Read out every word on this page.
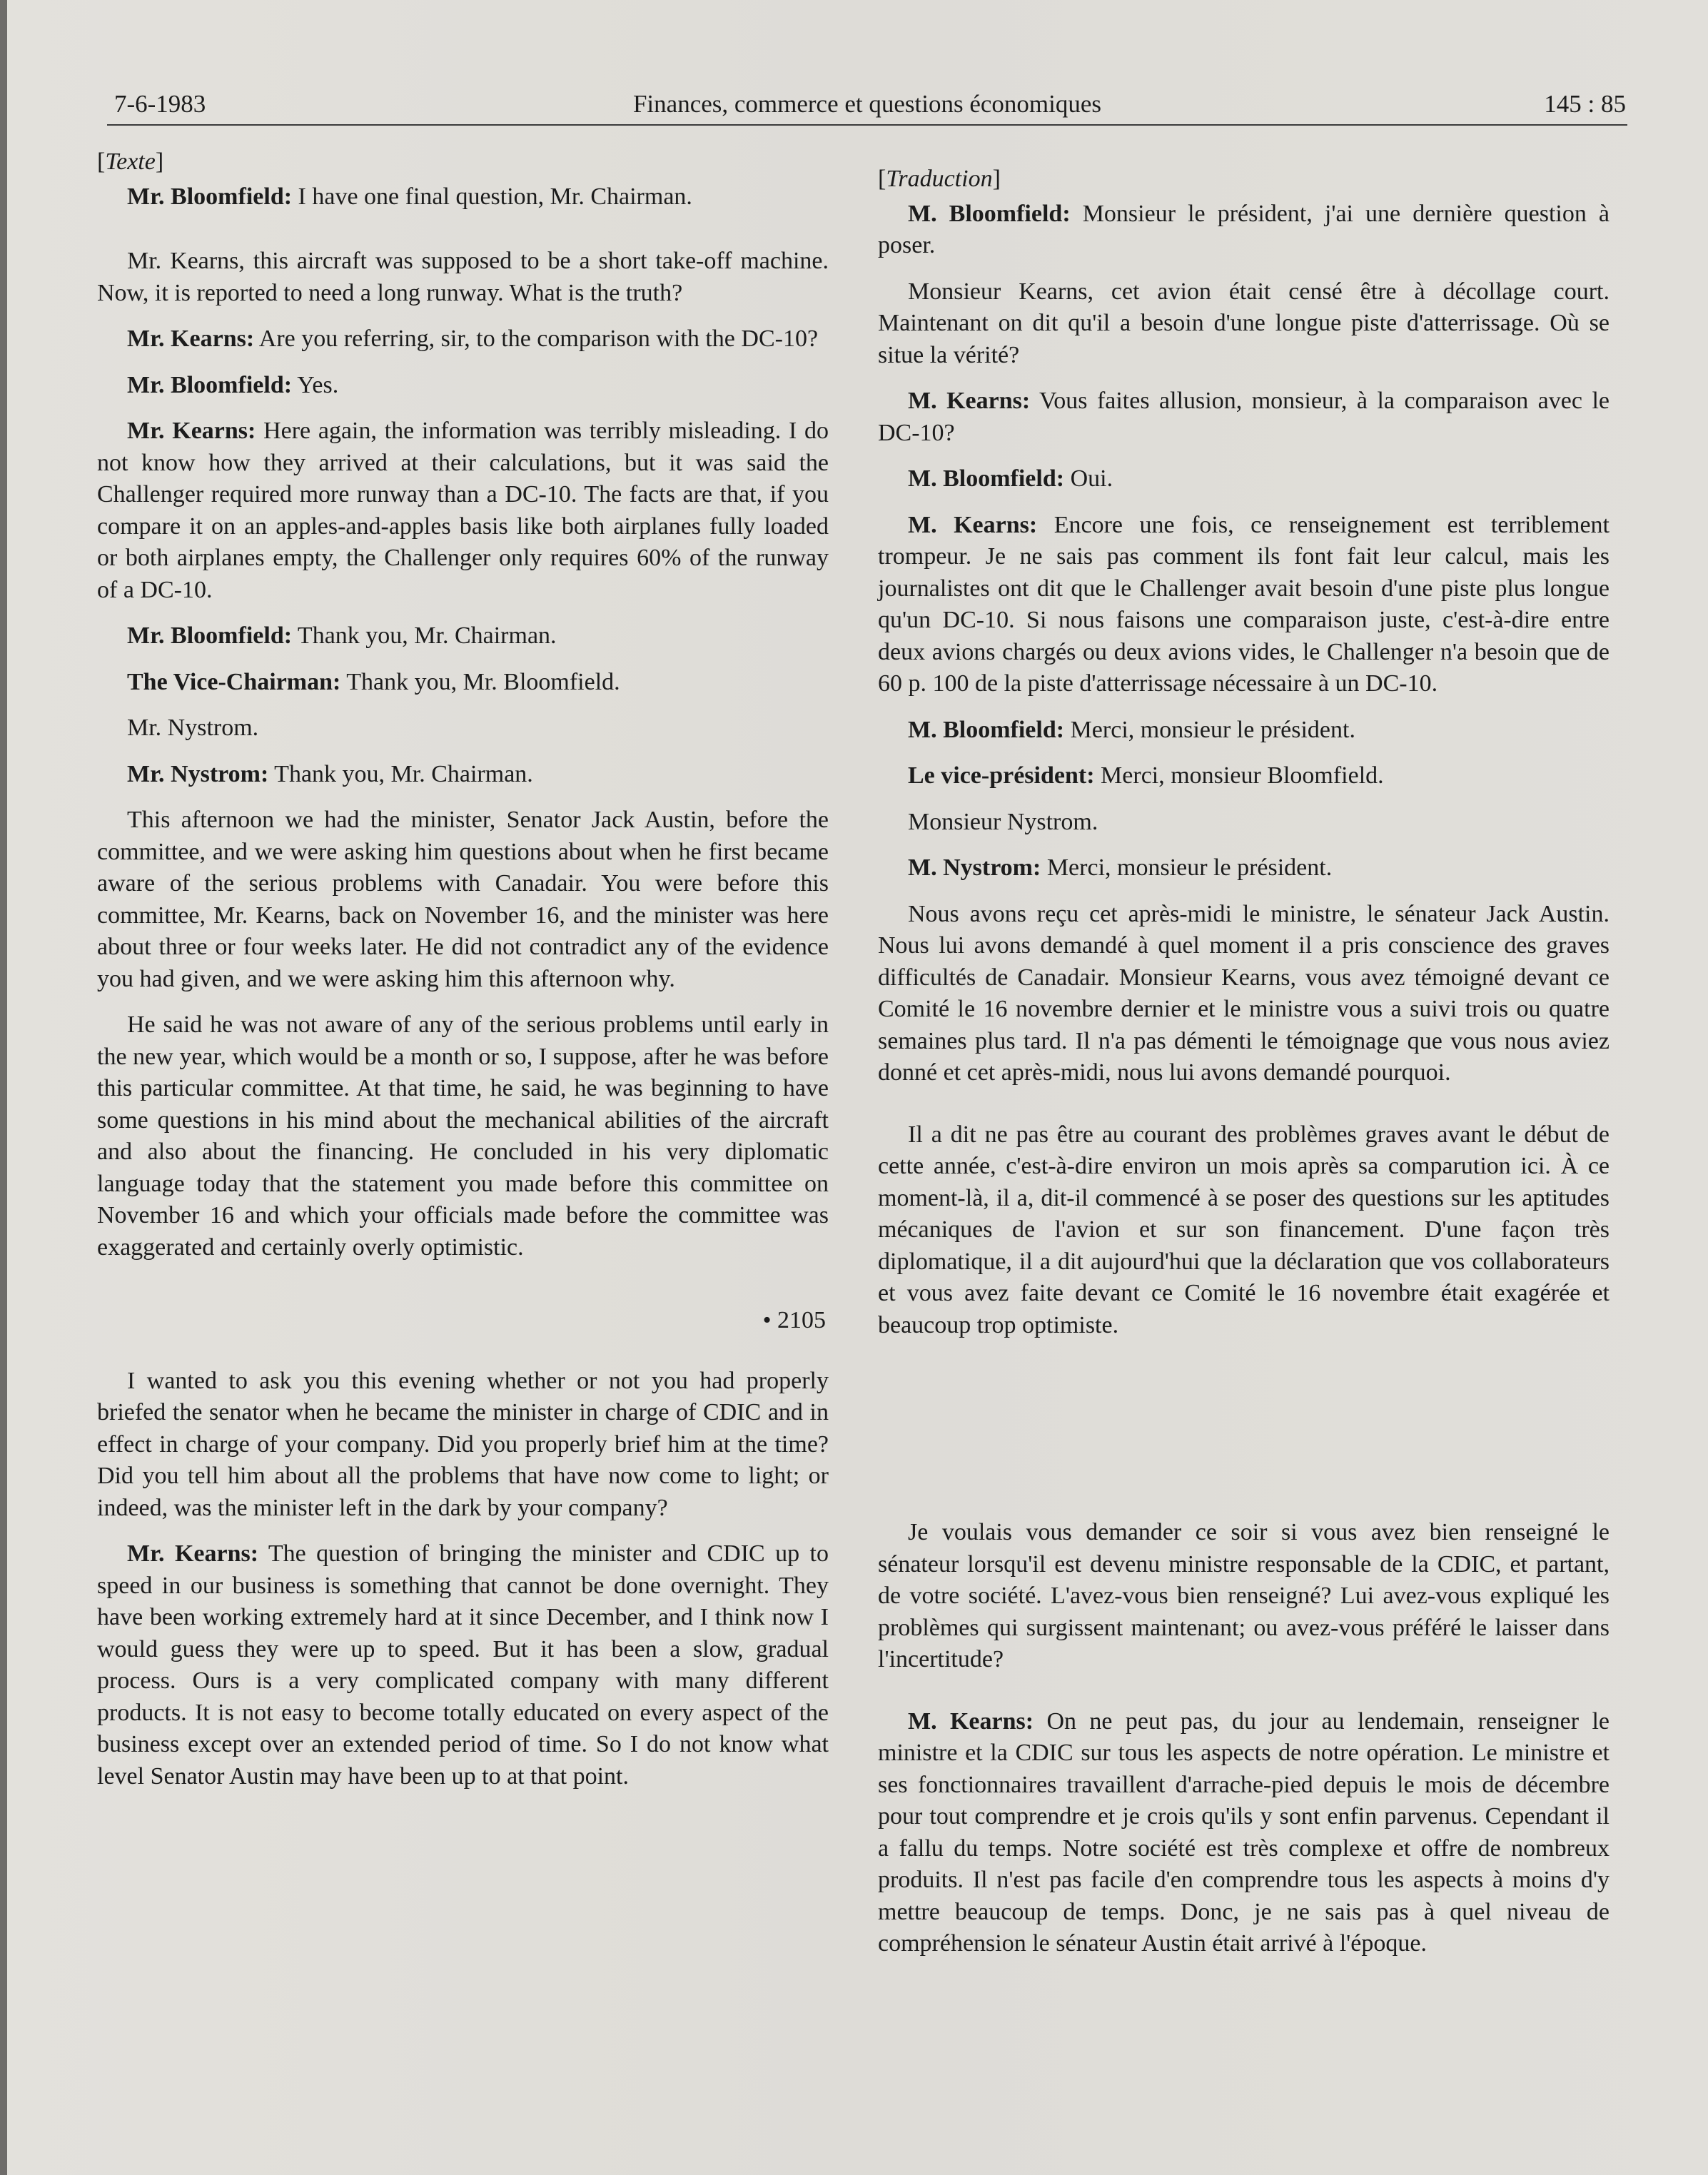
7-6-1983	Finances, commerce et questions économiques	145 : 85
[Texte]

Mr. Bloomfield: I have one final question, Mr. Chairman.

Mr. Kearns, this aircraft was supposed to be a short take-off machine. Now, it is reported to need a long runway. What is the truth?

Mr. Kearns: Are you referring, sir, to the comparison with the DC-10?

Mr. Bloomfield: Yes.

Mr. Kearns: Here again, the information was terribly misleading. I do not know how they arrived at their calculations, but it was said the Challenger required more runway than a DC-10. The facts are that, if you compare it on an apples-and-apples basis like both airplanes fully loaded or both airplanes empty, the Challenger only requires 60% of the runway of a DC-10.

Mr. Bloomfield: Thank you, Mr. Chairman.

The Vice-Chairman: Thank you, Mr. Bloomfield.

Mr. Nystrom.

Mr. Nystrom: Thank you, Mr. Chairman.

This afternoon we had the minister, Senator Jack Austin, before the committee, and we were asking him questions about when he first became aware of the serious problems with Canadair. You were before this committee, Mr. Kearns, back on November 16, and the minister was here about three or four weeks later. He did not contradict any of the evidence you had given, and we were asking him this afternoon why.

He said he was not aware of any of the serious problems until early in the new year, which would be a month or so, I suppose, after he was before this particular committee. At that time, he said, he was beginning to have some questions in his mind about the mechanical abilities of the aircraft and also about the financing. He concluded in his very diplomatic language today that the statement you made before this committee on November 16 and which your officials made before the committee was exaggerated and certainly overly optimistic.

• 2105

I wanted to ask you this evening whether or not you had properly briefed the senator when he became the minister in charge of CDIC and in effect in charge of your company. Did you properly brief him at the time? Did you tell him about all the problems that have now come to light; or indeed, was the minister left in the dark by your company?

Mr. Kearns: The question of bringing the minister and CDIC up to speed in our business is something that cannot be done overnight. They have been working extremely hard at it since December, and I think now I would guess they were up to speed. But it has been a slow, gradual process. Ours is a very complicated company with many different products. It is not easy to become totally educated on every aspect of the business except over an extended period of time. So I do not know what level Senator Austin may have been up to at that point.

[Traduction]

M. Bloomfield: Monsieur le président, j'ai une dernière question à poser.

Monsieur Kearns, cet avion était censé être à décollage court. Maintenant on dit qu'il a besoin d'une longue piste d'atterrissage. Où se situe la vérité?

M. Kearns: Vous faites allusion, monsieur, à la comparaison avec le DC-10?

M. Bloomfield: Oui.

M. Kearns: Encore une fois, ce renseignement est terriblement trompeur. Je ne sais pas comment ils font fait leur calcul, mais les journalistes ont dit que le Challenger avait besoin d'une piste plus longue qu'un DC-10. Si nous faisons une comparaison juste, c'est-à-dire entre deux avions chargés ou deux avions vides, le Challenger n'a besoin que de 60 p. 100 de la piste d'atterrissage nécessaire à un DC-10.

M. Bloomfield: Merci, monsieur le président.

Le vice-président: Merci, monsieur Bloomfield.

Monsieur Nystrom.

M. Nystrom: Merci, monsieur le président.

Nous avons reçu cet après-midi le ministre, le sénateur Jack Austin. Nous lui avons demandé à quel moment il a pris conscience des graves difficultés de Canadair. Monsieur Kearns, vous avez témoigné devant ce Comité le 16 novembre dernier et le ministre vous a suivi trois ou quatre semaines plus tard. Il n'a pas démenti le témoignage que vous nous aviez donné et cet après-midi, nous lui avons demandé pourquoi.

Il a dit ne pas être au courant des problèmes graves avant le début de cette année, c'est-à-dire environ un mois après sa comparution ici. À ce moment-là, il a, dit-il commencé à se poser des questions sur les aptitudes mécaniques de l'avion et sur son financement. D'une façon très diplomatique, il a dit aujourd'hui que la déclaration que vos collaborateurs et vous avez faite devant ce Comité le 16 novembre était exagérée et beaucoup trop optimiste.

Je voulais vous demander ce soir si vous avez bien renseigné le sénateur lorsqu'il est devenu ministre responsable de la CDIC, et partant, de votre société. L'avez-vous bien renseigné? Lui avez-vous expliqué les problèmes qui surgissent maintenant; ou avez-vous préféré le laisser dans l'incertitude?

M. Kearns: On ne peut pas, du jour au lendemain, renseigner le ministre et la CDIC sur tous les aspects de notre opération. Le ministre et ses fonctionnaires travaillent d'arrache-pied depuis le mois de décembre pour tout comprendre et je crois qu'ils y sont enfin parvenus. Cependant il a fallu du temps. Notre société est très complexe et offre de nombreux produits. Il n'est pas facile d'en comprendre tous les aspects à moins d'y mettre beaucoup de temps. Donc, je ne sais pas à quel niveau de compréhension le sénateur Austin était arrivé à l'époque.
